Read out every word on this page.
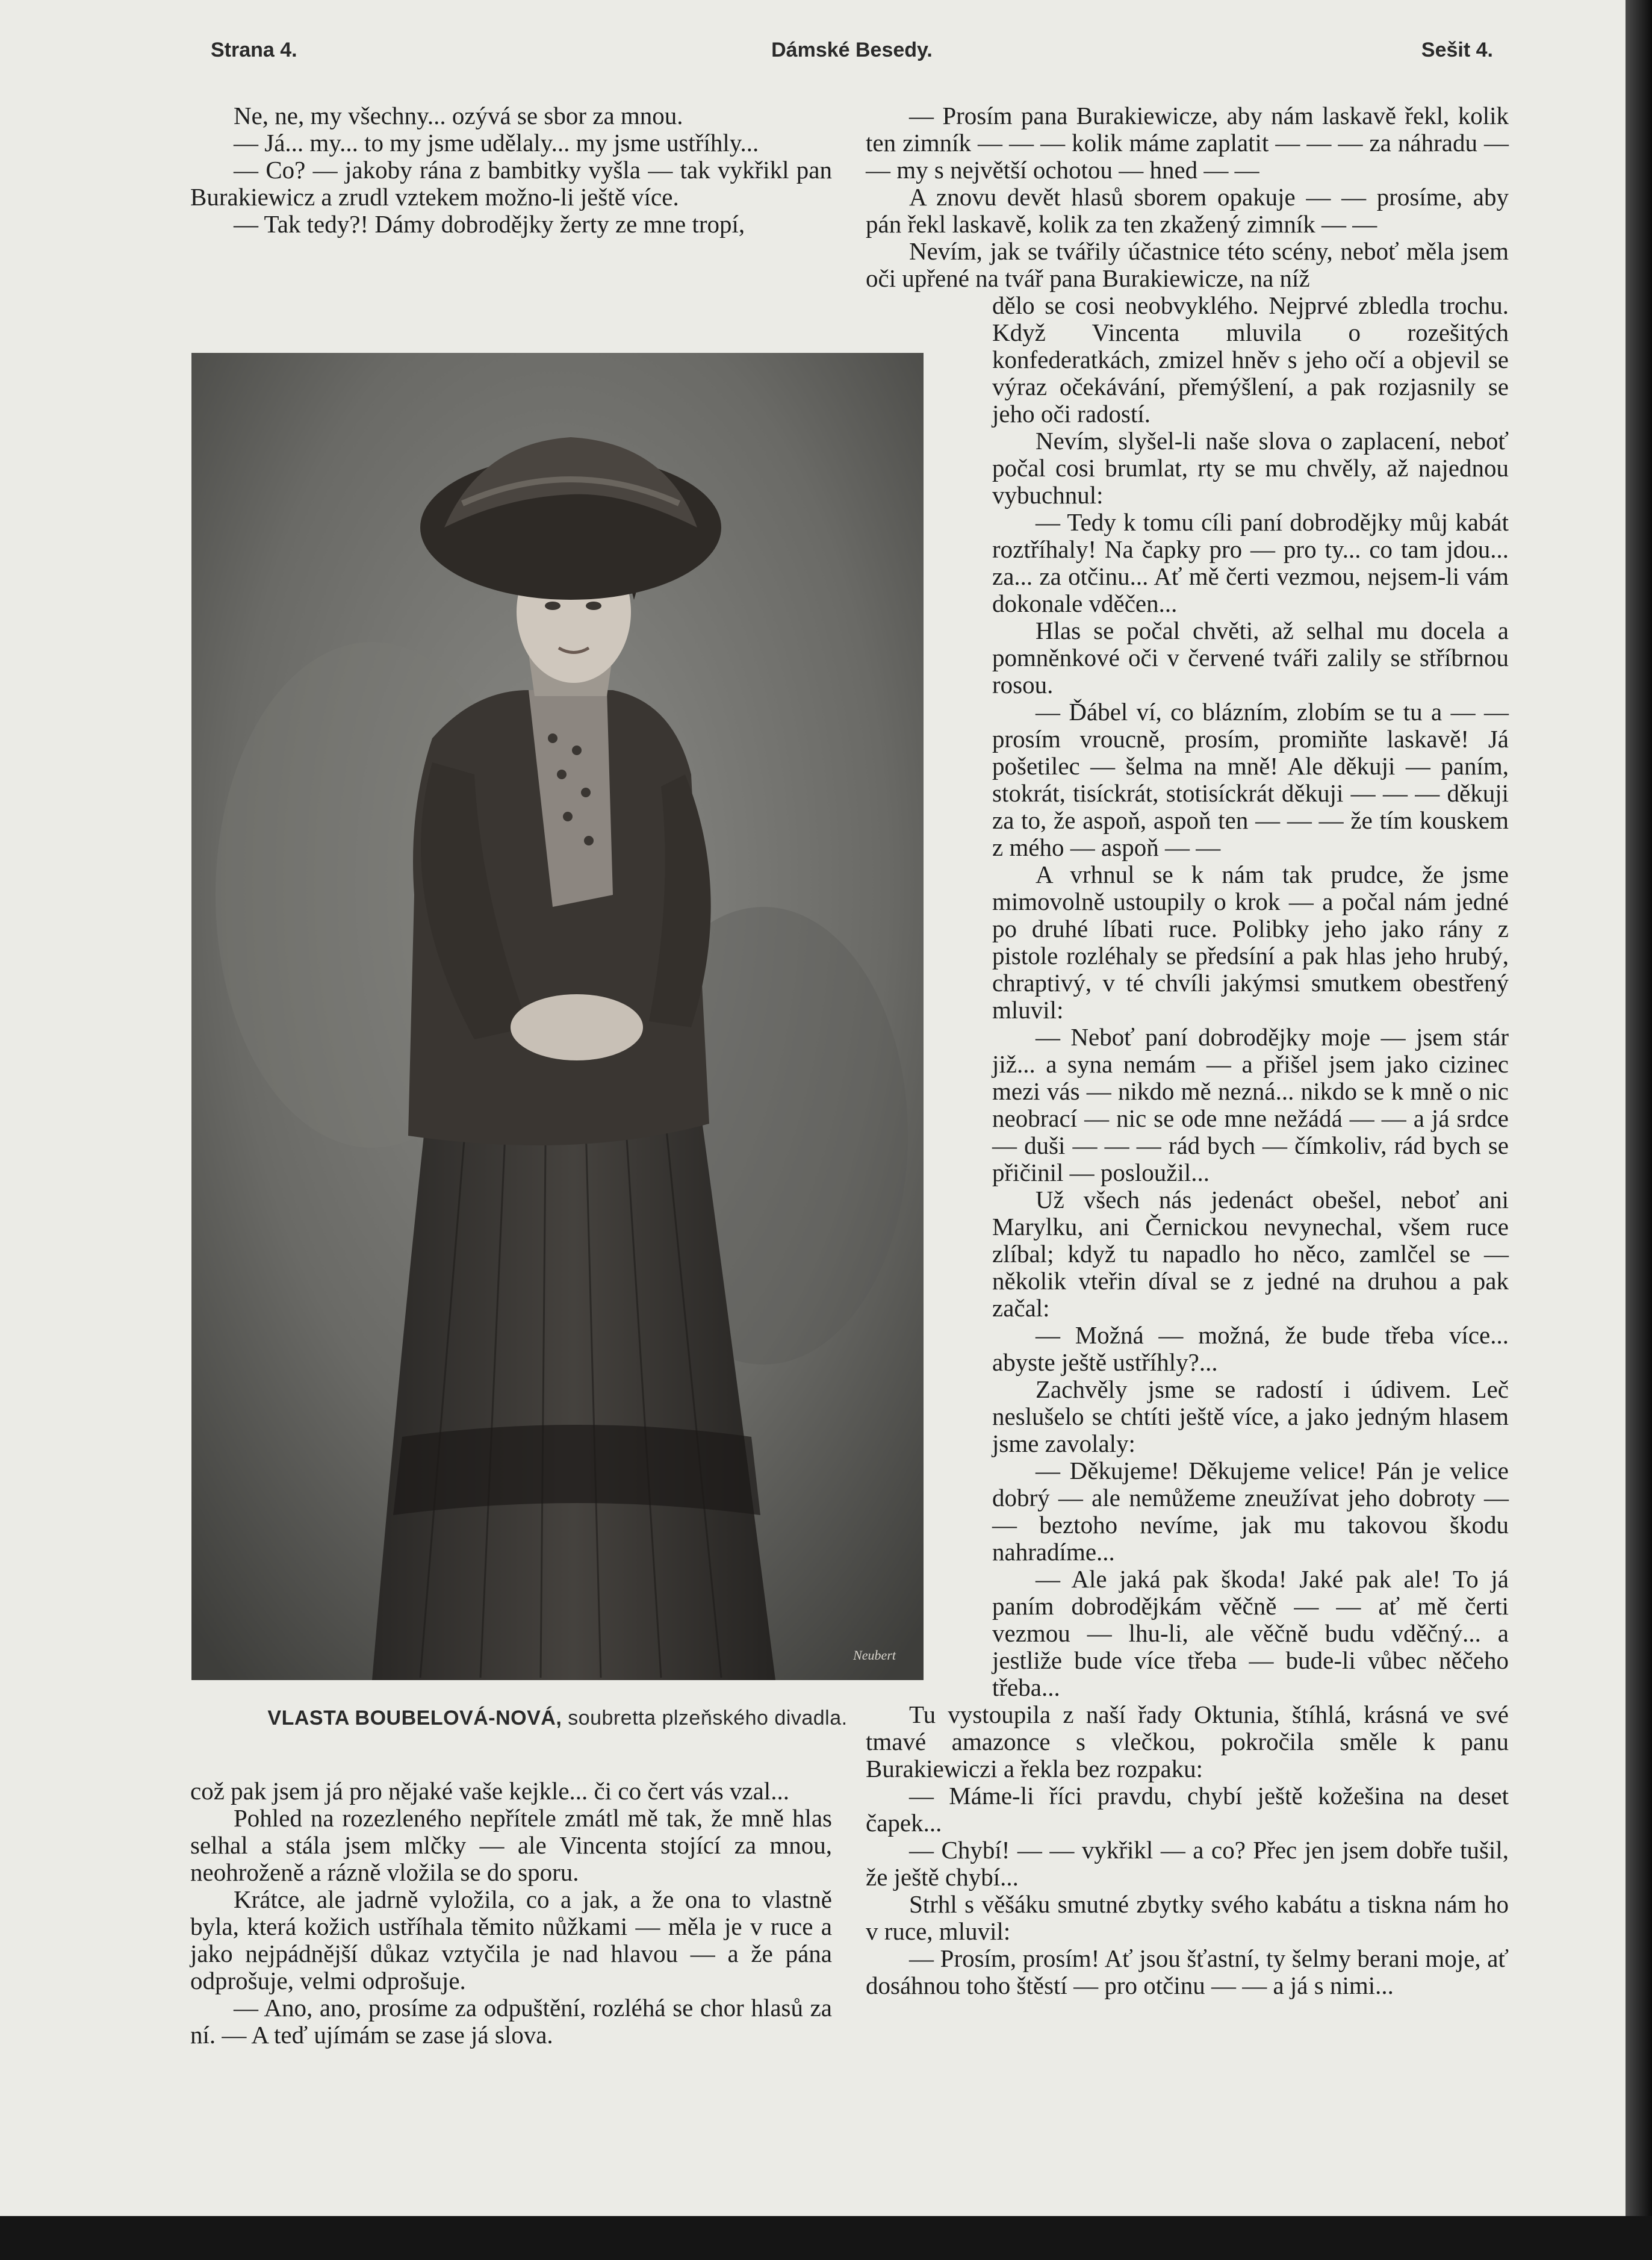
Strana 4.	Dámské Besedy.	Sešit 4.

Ne, ne, my všechny... ozývá se sbor za mnou.

— Já... my... to my jsme udělaly... my jsme ustříhly...

— Co? — jakoby rána z bambitky vyšla — tak vykřikl pan Burakiewicz a zrudl vztekem možno-li ještě více.

— Tak tedy?! Dámy dobrodějky žerty ze mne tropí,

Neubert
VLASTA BOUBELOVÁ-NOVÁ, soubretta plzeňského divadla.

což pak jsem já pro nějaké vaše kejkle... či co čert vás vzal...

Pohled na rozezleného nepřítele zmátl mě tak, že mně hlas selhal a stála jsem mlčky — ale Vincenta stojící za mnou, neohroženě a rázně vložila se do sporu.

Krátce, ale jadrně vyložila, co a jak, a že ona to vlastně byla, která kožich ustříhala těmito nůžkami — měla je v ruce a jako nejpádnější důkaz vztyčila je nad hlavou — a že pána odprošuje, velmi odprošuje.

— Ano, ano, prosíme za odpuštění, rozléhá se chor hlasů za ní. — A teď ujímám se zase já slova.

— Prosím pana Burakiewicze, aby nám laskavě řekl, kolik ten zimník — — — kolik máme zaplatit — — — za náhradu — — my s největší ochotou — hned — —

A znovu devět hlasů sborem opakuje — — prosíme, aby pán řekl laskavě, kolik za ten zkažený zimník — —

Nevím, jak se tvářily účastnice této scény, neboť měla jsem oči upřené na tvář pana Burakiewicze, na níž

dělo se cosi neobvyklého. Nejprvé zbledla trochu. Když Vincenta mluvila o rozešitých konfederatkách, zmizel hněv s jeho očí a objevil se výraz očekávání, přemýšlení, a pak rozjasnily se jeho oči radostí.

Nevím, slyšel-li naše slova o zaplacení, neboť počal cosi brumlat, rty se mu chvěly, až najednou vybuchnul:

— Tedy k tomu cíli paní dobrodějky můj kabát roztříhaly! Na čapky pro — pro ty... co tam jdou... za... za otčinu... Ať mě čerti vezmou, nejsem-li vám dokonale vděčen...

Hlas se počal chvěti, až selhal mu docela a pomněnkové oči v červené tváři zalily se stříbrnou rosou.

— Ďábel ví, co blázním, zlobím se tu a — — prosím vroucně, prosím, promiňte laskavě! Já pošetilec — šelma na mně! Ale děkuji — paním, stokrát, tisíckrát, stotisíckrát děkuji — — — děkuji za to, že aspoň, aspoň ten — — — že tím kouskem z mého — aspoň — —

A vrhnul se k nám tak prudce, že jsme mimovolně ustoupily o krok — a počal nám jedné po druhé líbati ruce. Polibky jeho jako rány z pistole rozléhaly se předsíní a pak hlas jeho hrubý, chraptivý, v té chvíli jakýmsi smutkem obestřený mluvil:

— Neboť paní dobrodějky moje — jsem stár již... a syna nemám — a přišel jsem jako cizinec mezi vás — nikdo mě nezná... nikdo se k mně o nic neobrací — nic se ode mne nežádá — — a já srdce — duši — — — rád bych — čímkoliv, rád bych se přičinil — posloužil...

Už všech nás jedenáct obešel, neboť ani Marylku, ani Černickou nevynechal, všem ruce zlíbal; když tu napadlo ho něco, zamlčel se — několik vteřin díval se z jedné na druhou a pak začal:

— Možná — možná, že bude třeba více... abyste ještě ustříhly?...

Zachvěly jsme se radostí i údivem. Leč neslušelo se chtíti ještě více, a jako jedným hlasem jsme zavolaly:

— Děkujeme! Děkujeme velice! Pán je velice dobrý — ale nemůžeme zneužívat jeho dobroty — — beztoho nevíme, jak mu takovou škodu nahradíme...

— Ale jaká pak škoda! Jaké pak ale! To já paním dobrodějkám věčně — — ať mě čerti vezmou — lhu-li, ale věčně budu vděčný... a jestliže bude více třeba — bude-li vůbec něčeho třeba...

Tu vystoupila z naší řady Oktunia, štíhlá, krásná ve své tmavé amazonce s vlečkou, pokročila směle k panu Burakiewiczi a řekla bez rozpaku:

— Máme-li říci pravdu, chybí ještě kožešina na deset čapek...

— Chybí! — — vykřikl — a co? Přec jen jsem dobře tušil, že ještě chybí...

Strhl s věšáku smutné zbytky svého kabátu a tiskna nám ho v ruce, mluvil:

— Prosím, prosím! Ať jsou šťastní, ty šelmy berani moje, ať dosáhnou toho štěstí — pro otčinu — — a já s nimi...
